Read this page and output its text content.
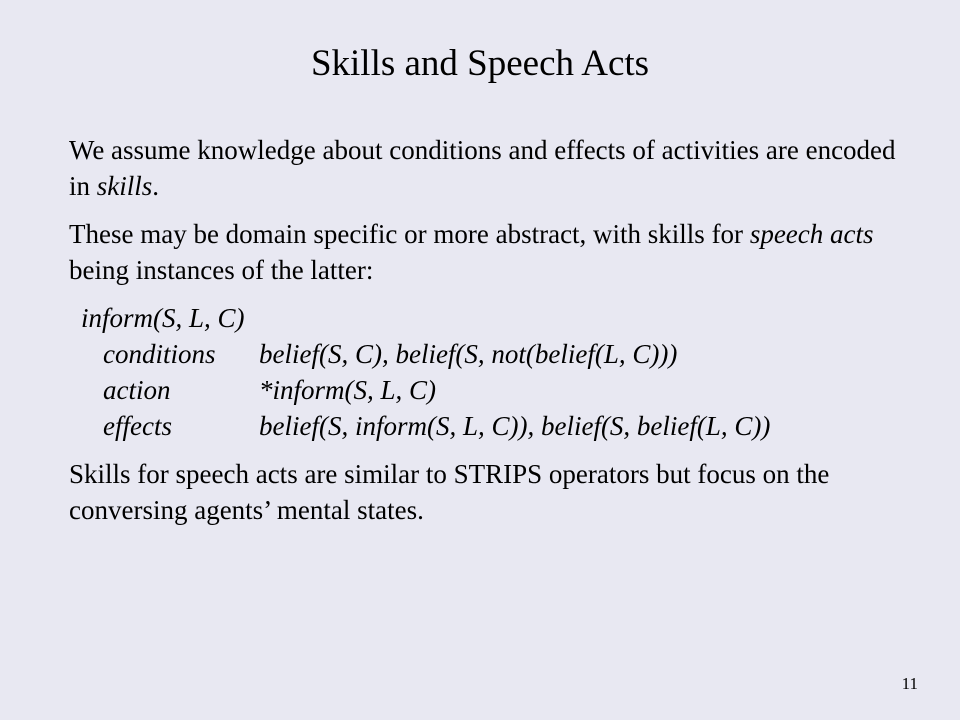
Skills and Speech Acts

We assume knowledge about conditions and effects of activities are encoded in skills.

These may be domain specific or more abstract, with skills for speech acts being instances of the latter:

inform(S, L, C)
conditions	belief(S, C), belief(S, not(belief(L, C)))
action	*inform(S, L, C)
effects	belief(S, inform(S, L, C)), belief(S, belief(L, C))

Skills for speech acts are similar to STRIPS operators but focus on the conversing agents’ mental states.

11
